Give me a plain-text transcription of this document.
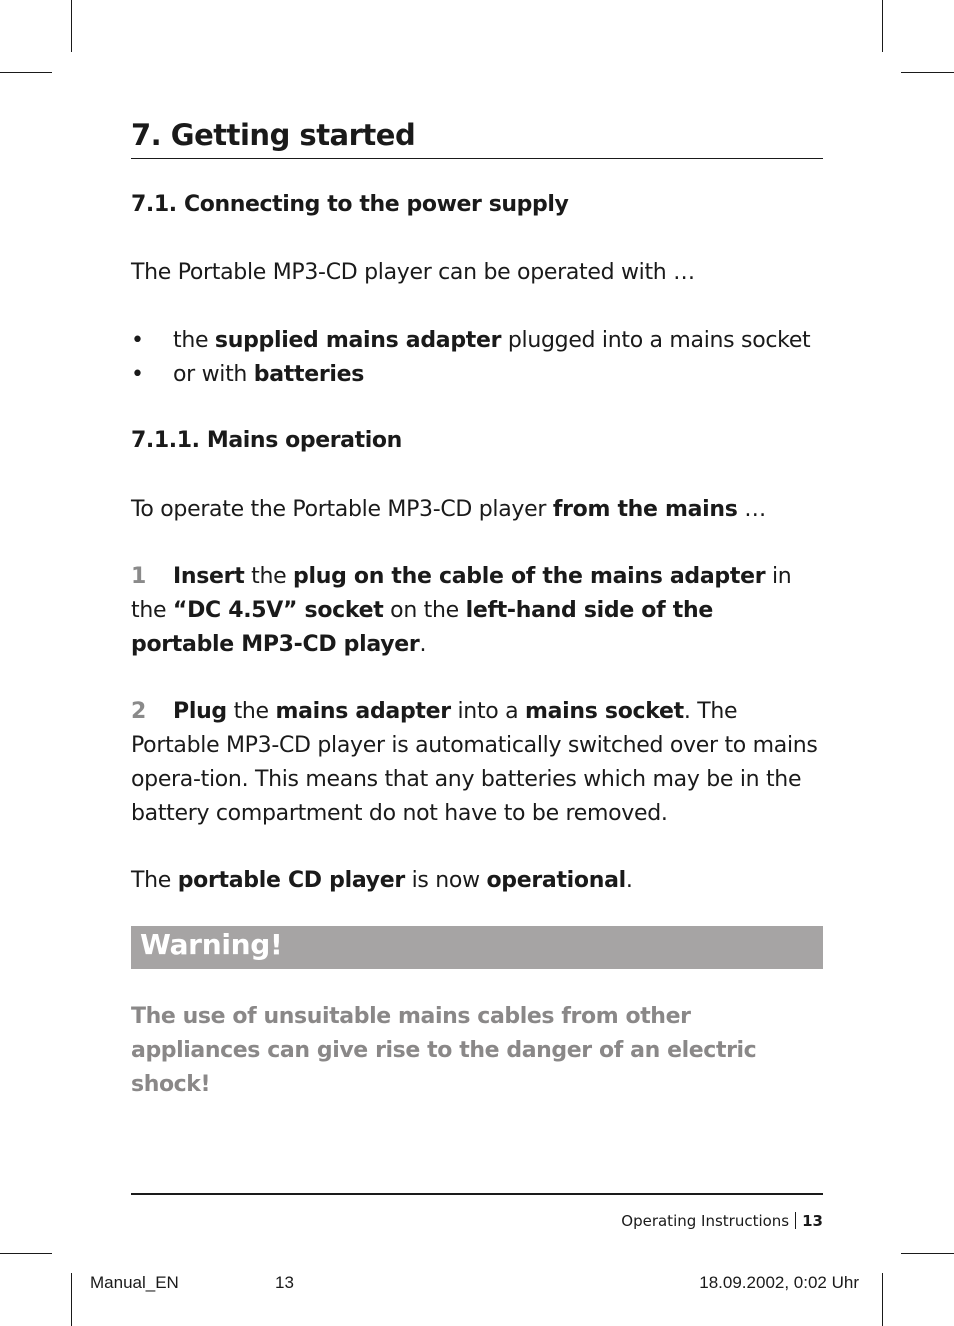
7. Getting started
7.1. Connecting to the power supply

The Portable MP3-CD player can be operated with …

• the supplied mains adapter plugged into a mains socket
• or with batteries
7.1.1. Mains operation

To operate the Portable MP3-CD player from the mains …

1 Insert the plug on the cable of the mains adapter in the “DC 4.5V” socket on the left-hand side of the portable MP3-CD player.

2 Plug the mains adapter into a mains socket. The Portable MP3-CD player is automatically switched over to mains opera-tion. This means that any batteries which may be in the battery compartment do not have to be removed.

The portable CD player is now operational.

Warning!

The use of unsuitable mains cables from other appliances can give rise to the danger of an electric shock!

Operating Instructions 13
Manual_EN	13	18.09.2002, 0:02 Uhr
